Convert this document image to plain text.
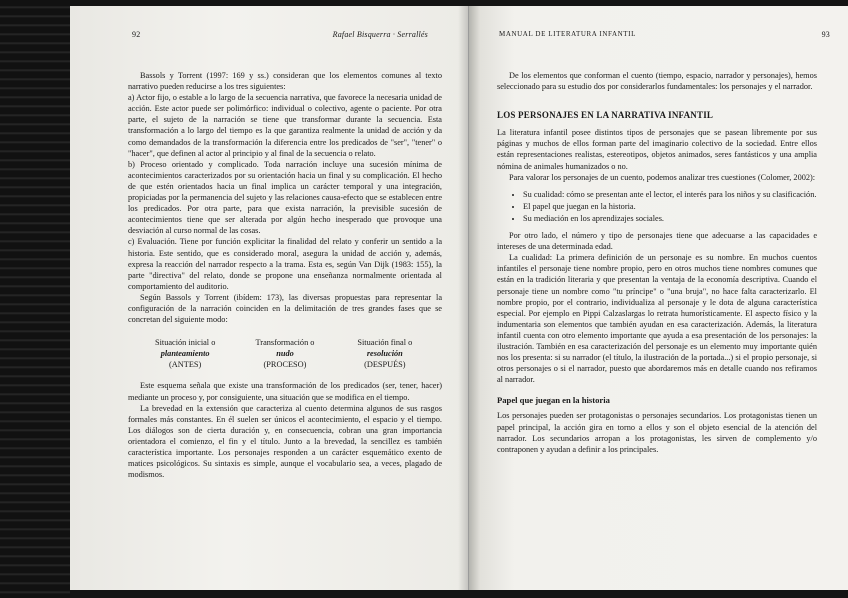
92	Rafael Bisquerra · Serrallés

Bassols y Torrent (1997: 169 y ss.) consideran que los elementos comunes al texto narrativo pueden reducirse a los tres siguientes:

a) Actor fijo, o estable a lo largo de la secuencia narrativa, que favorece la necesaria unidad de acción. Este actor puede ser polimórfico: individual o colectivo, agente o paciente. Por otra parte, el sujeto de la narración se tiene que transformar durante la secuencia. Esta transformación a lo largo del tiempo es la que garantiza realmente la unidad de acción y da como demandados de la transformación la diferencia entre los predicados de "ser", "tener" o "hacer", que definen al actor al principio y al final de la secuencia o relato.

b) Proceso orientado y complicado. Toda narración incluye una sucesión mínima de acontecimientos caracterizados por su orientación hacia un final y su complicación. El hecho de que estén orientados hacia un final implica un carácter temporal y una integración, propiciadas por la permanencia del sujeto y las relaciones causa-efecto que se establecen entre los predicados. Por otra parte, para que exista narración, la previsible sucesión de acontecimientos tiene que ser alterada por algún hecho inesperado que provoque una desviación al curso normal de las cosas.

c) Evaluación. Tiene por función explicitar la finalidad del relato y conferir un sentido a la historia. Este sentido, que es considerado moral, asegura la unidad de acción y, además, expresa la reacción del narrador respecto a la trama. Esta es, según Van Dijk (1983: 155), la parte "directiva" del relato, donde se propone una enseñanza normalmente orientada al comportamiento del auditorio.

Según Bassols y Torrent (ibídem: 173), las diversas propuestas para representar la configuración de la narración coinciden en la delimitación de tres grandes fases que se concretan del siguiente modo:

Situación inicial o
planteamiento
(ANTES)
Transformación o
nudo
(PROCESO)
Situación final o
resolución
(DESPUÉS)

Este esquema señala que existe una transformación de los predicados (ser, tener, hacer) mediante un proceso y, por consiguiente, una situación que se modifica en el tiempo.

La brevedad en la extensión que caracteriza al cuento determina algunos de sus rasgos formales más constantes. En él suelen ser únicos el acontecimiento, el espacio y el tiempo. Los diálogos son de cierta duración y, en consecuencia, cobran una gran importancia orientadora el comienzo, el fin y el título. Junto a la brevedad, la sencillez es también característica importante. Los personajes responden a un carácter esquemático exento de matices psicológicos. Su sintaxis es simple, aunque el vocabulario sea, a veces, plagado de modismos.

MANUAL DE LITERATURA INFANTIL	93

De los elementos que conforman el cuento (tiempo, espacio, narrador y personajes), hemos seleccionado para su estudio dos por considerarlos fundamentales: los personajes y el narrador.

LOS PERSONAJES EN LA NARRATIVA INFANTIL

La literatura infantil posee distintos tipos de personajes que se pasean libremente por sus páginas y muchos de ellos forman parte del imaginario colectivo de la sociedad. Entre ellos están representaciones realistas, estereotipos, objetos animados, seres fantásticos y una amplia nómina de animales humanizados o no.

Para valorar los personajes de un cuento, podemos analizar tres cuestiones (Colomer, 2002):

• Su cualidad: cómo se presentan ante el lector, el interés para los niños y su clasificación.
• El papel que juegan en la historia.
• Su mediación en los aprendizajes sociales.

Por otro lado, el número y tipo de personajes tiene que adecuarse a las capacidades e intereses de una determinada edad.

La cualidad: La primera definición de un personaje es su nombre. En muchos cuentos infantiles el personaje tiene nombre propio, pero en otros muchos tiene nombres comunes que están en la tradición literaria y que presentan la ventaja de la economía descriptiva. Cuando el personaje tiene un nombre como "tu príncipe" o "una bruja", no hace falta caracterizarlo. El nombre propio, por el contrario, individualiza al personaje y le dota de alguna característica especial. Por ejemplo en Pippi Calzaslargas lo retrata humorísticamente. El aspecto físico y la indumentaria son elementos que también ayudan en esa caracterización. Además, la literatura infantil cuenta con otro elemento importante que ayuda a esa presentación de los personajes: la ilustración. También en esa caracterización del personaje es un elemento muy importante quién nos los presenta: si su narrador (el título, la ilustración de la portada...) si el propio personaje, si otros personajes o si el narrador, puesto que abordaremos más en detalle cuando nos refiramos al narrador.

Papel que juegan en la historia

Los personajes pueden ser protagonistas o personajes secundarios. Los protagonistas tienen un papel principal, la acción gira en torno a ellos y son el objeto esencial de la atención del narrador. Los secundarios arropan a los protagonistas, les sirven de complemento y/o contraponen y ayudan a definir a los principales.
